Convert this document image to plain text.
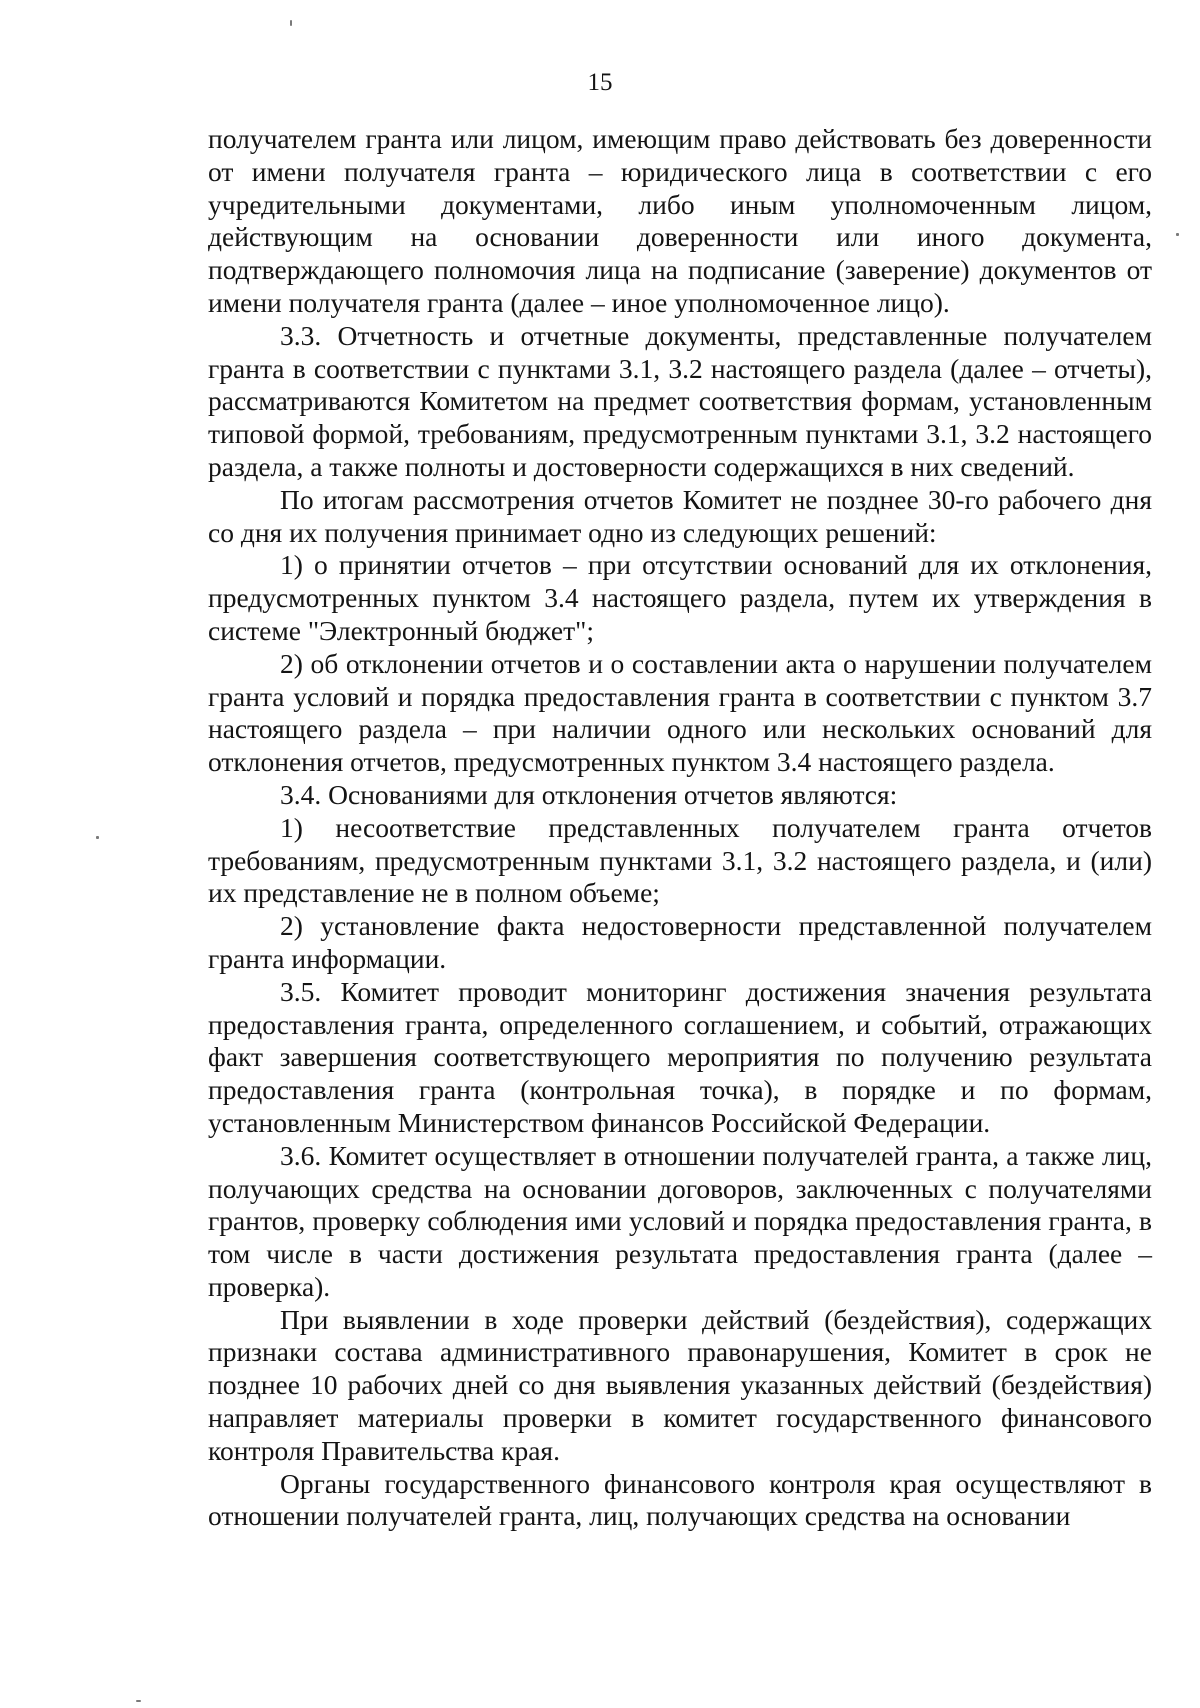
15

получателем гранта или лицом, имеющим право действовать без доверенности от имени получателя гранта – юридического лица в соответствии с его учредительными документами, либо иным уполномоченным лицом, действующим на основании доверенности или иного документа, подтверждающего полномочия лица на подписание (заверение) документов от имени получателя гранта (далее – иное уполномоченное лицо).

3.3. Отчетность и отчетные документы, представленные получателем гранта в соответствии с пунктами 3.1, 3.2 настоящего раздела (далее – отчеты), рассматриваются Комитетом на предмет соответствия формам, установленным типовой формой, требованиям, предусмотренным пунктами 3.1, 3.2 настоящего раздела, а также полноты и достоверности содержащихся в них сведений.

По итогам рассмотрения отчетов Комитет не позднее 30-го рабочего дня со дня их получения принимает одно из следующих решений:

1) о принятии отчетов – при отсутствии оснований для их отклонения, предусмотренных пунктом 3.4 настоящего раздела, путем их утверждения в системе "Электронный бюджет";

2) об отклонении отчетов и о составлении акта о нарушении получателем гранта условий и порядка предоставления гранта в соответствии с пунктом 3.7 настоящего раздела – при наличии одного или нескольких оснований для отклонения отчетов, предусмотренных пунктом 3.4 настоящего раздела.

3.4. Основаниями для отклонения отчетов являются:

1) несоответствие представленных получателем гранта отчетов требованиям, предусмотренным пунктами 3.1, 3.2 настоящего раздела, и (или) их представление не в полном объеме;

2) установление факта недостоверности представленной получателем гранта информации.

3.5. Комитет проводит мониторинг достижения значения результата предоставления гранта, определенного соглашением, и событий, отражающих факт завершения соответствующего мероприятия по получению результата предоставления гранта (контрольная точка), в порядке и по формам, установленным Министерством финансов Российской Федерации.

3.6. Комитет осуществляет в отношении получателей гранта, а также лиц, получающих средства на основании договоров, заключенных с получателями грантов, проверку соблюдения ими условий и порядка предоставления гранта, в том числе в части достижения результата предоставления гранта (далее – проверка).

При выявлении в ходе проверки действий (бездействия), содержащих признаки состава административного правонарушения, Комитет в срок не позднее 10 рабочих дней со дня выявления указанных действий (бездействия) направляет материалы проверки в комитет государственного финансового контроля Правительства края.

Органы государственного финансового контроля края осуществляют в отношении получателей гранта, лиц, получающих средства на основании
